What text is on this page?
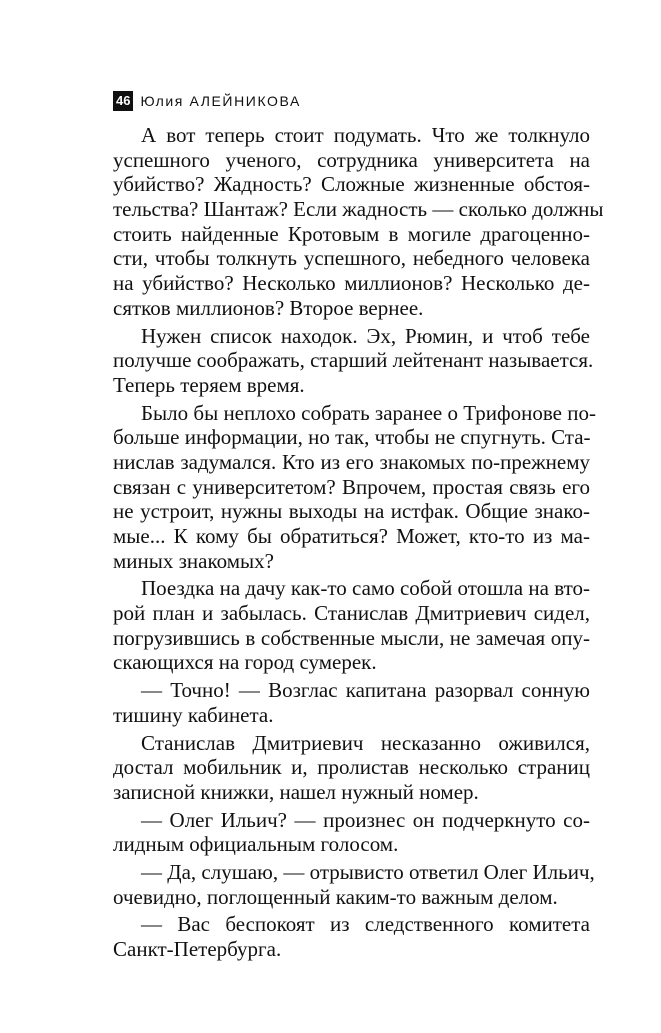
46 Юлия АЛЕЙНИКОВА
А вот теперь стоит подумать. Что же толкнуло
успешного ученого, сотрудника университета на
убийство? Жадность? Сложные жизненные обстоя-
тельства? Шантаж? Если жадность — сколько должны
стоить найденные Кротовым в могиле драгоценно-
сти, чтобы толкнуть успешного, небедного человека
на убийство? Несколько миллионов? Несколько де-
сятков миллионов? Второе вернее.
Нужен список находок. Эх, Рюмин, и чтоб тебе
получше соображать, старший лейтенант называется.
Теперь теряем время.
Было бы неплохо собрать заранее о Трифонове по-
больше информации, но так, чтобы не спугнуть. Ста-
нислав задумался. Кто из его знакомых по-прежнему
связан с университетом? Впрочем, простая связь его
не устроит, нужны выходы на истфак. Общие знако-
мые... К кому бы обратиться? Может, кто-то из ма-
миных знакомых?
Поездка на дачу как-то само собой отошла на вто-
рой план и забылась. Станислав Дмитриевич сидел,
погрузившись в собственные мысли, не замечая опу-
скающихся на город сумерек.
— Точно! — Возглас капитана разорвал сонную
тишину кабинета.
Станислав Дмитриевич несказанно оживился,
достал мобильник и, пролистав несколько страниц
записной книжки, нашел нужный номер.
— Олег Ильич? — произнес он подчеркнуто со-
лидным официальным голосом.
— Да, слушаю, — отрывисто ответил Олег Ильич,
очевидно, поглощенный каким-то важным делом.
— Вас беспокоят из следственного комитета
Санкт-Петербурга.
